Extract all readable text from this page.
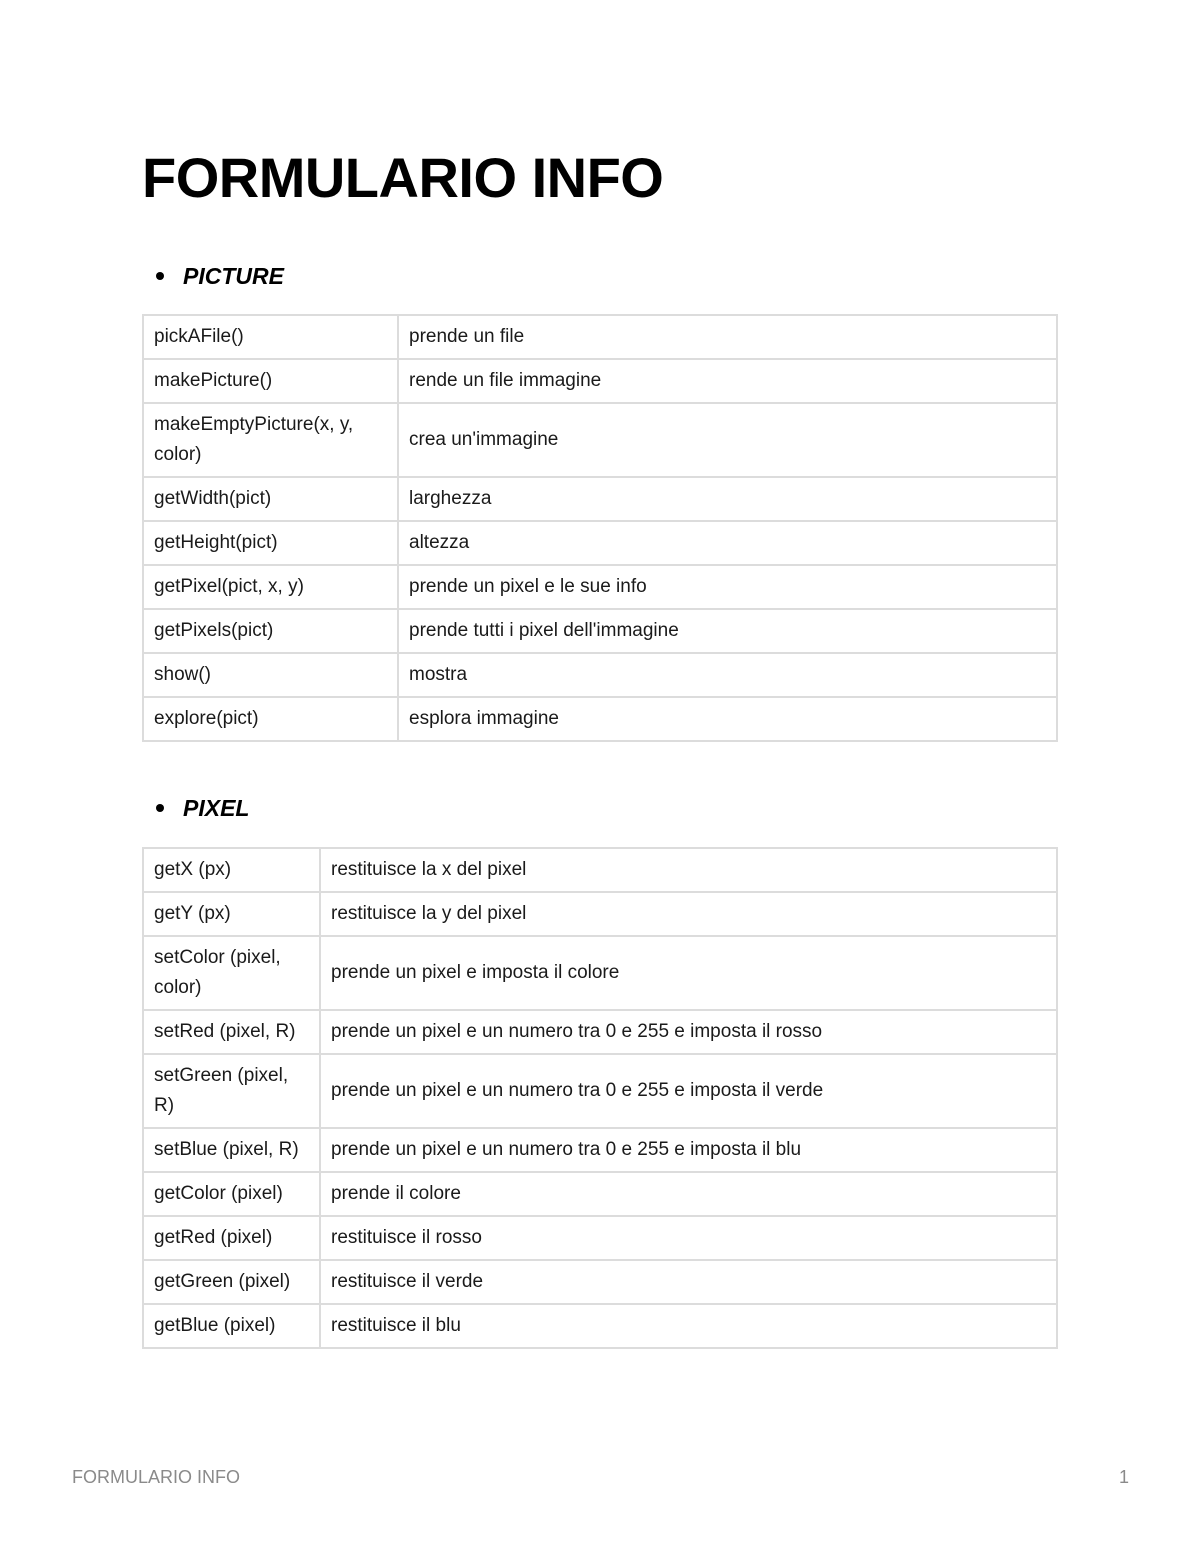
FORMULARIO INFO
PICTURE
pickAFile()	prende un file
makePicture()	rende un file immagine
makeEmptyPicture(x, y, color)	crea un'immagine
getWidth(pict)	larghezza
getHeight(pict)	altezza
getPixel(pict, x, y)	prende un pixel e le sue info
getPixels(pict)	prende tutti i pixel dell'immagine
show()	mostra
explore(pict)	esplora immagine
PIXEL
getX (px)	restituisce la x del pixel
getY (px)	restituisce la y del pixel
setColor (pixel, color)	prende un pixel e imposta il colore
setRed (pixel, R)	prende un pixel e un numero tra 0 e 255 e imposta il rosso
setGreen (pixel, R)	prende un pixel e un numero tra 0 e 255 e imposta il verde
setBlue (pixel, R)	prende un pixel e un numero tra 0 e 255 e imposta il blu
getColor (pixel)	prende il colore
getRed (pixel)	restituisce il rosso
getGreen (pixel)	restituisce il verde
getBlue (pixel)	restituisce il blu
FORMULARIO INFO	1
